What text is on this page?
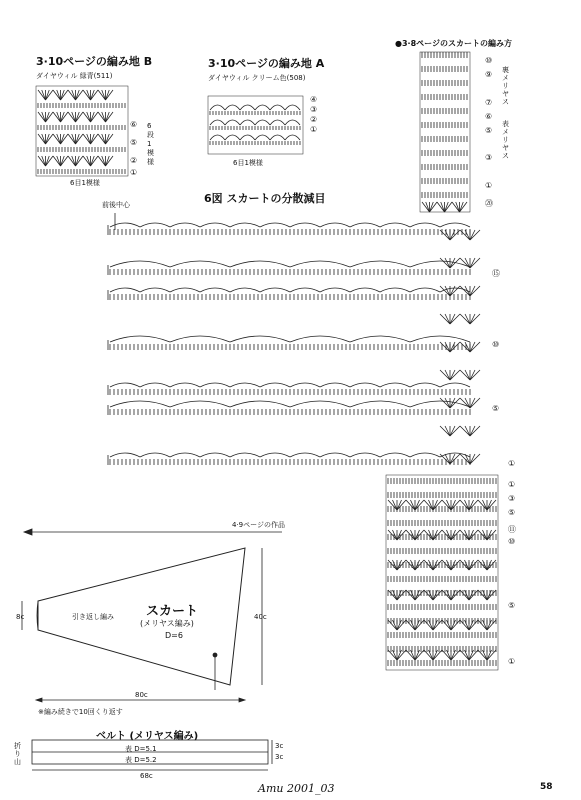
3·10ページの編み地 B
ダイヤウィル 緑青(511)
6目1模様
⑥
⑤
②
①
6段1模様
3·10ページの編み地 A
ダイヤウィル クリーム色(508)
6目1模様
④
③
②
①
●3·8ページのスカートの編み方
⑩
⑨
⑦
⑥
⑤
③
①
⑳
裏メリヤス
表メリヤス
6図 スカートの分散減目
前後中心
⑮
⑩
⑤
①
①
③
⑤
⑪
⑩
⑤
①
4·9ページの作品
スカート
(メリヤス編み)
D=6
引き返し編み
8c	40c
80c
※編み続きで10回くり返す
ベルト (メリヤス編み)
表 D=5.1
表 D=5.2
折り山
3c
3c
68c
Amu 2001_03	58
